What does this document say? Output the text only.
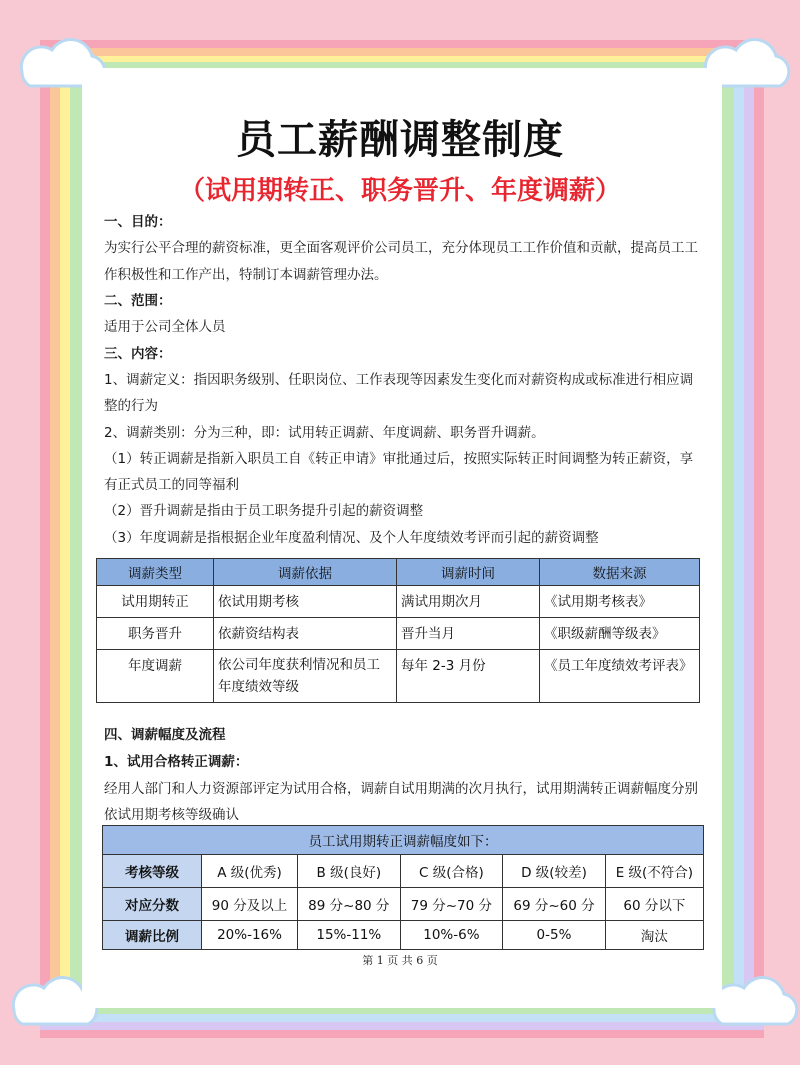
员工薪酬调整制度
（试用期转正、职务晋升、年度调薪）
一、目的：
为实行公平合理的薪资标准，更全面客观评价公司员工，充分体现员工工作价值和贡献，提高员工工
作积极性和工作产出，特制订本调薪管理办法。
二、范围：
适用于公司全体人员
三、内容：
1、调薪定义：指因职务级别、任职岗位、工作表现等因素发生变化而对薪资构成或标准进行相应调
整的行为
2、调薪类别：分为三种，即：试用转正调薪、年度调薪、职务晋升调薪。
（1）转正调薪是指新入职员工自《转正申请》审批通过后，按照实际转正时间调整为转正薪资，享
有正式员工的同等福利
（2）晋升调薪是指由于员工职务提升引起的薪资调整
（3）年度调薪是指根据企业年度盈利情况、及个人年度绩效考评而引起的薪资调整
调薪类型	调薪依据	调薪时间	数据来源
试用期转正	依试用期考核	满试用期次月	《试用期考核表》
职务晋升	依薪资结构表	晋升当月	《职级薪酬等级表》
年度调薪	依公司年度获利情况和员工年度绩效等级	每年 2-3 月份	《员工年度绩效考评表》
四、调薪幅度及流程
1、试用合格转正调薪：
经用人部门和人力资源部评定为试用合格，调薪自试用期满的次月执行，试用期满转正调薪幅度分别
依试用期考核等级确认
员工试用期转正调薪幅度如下：					
考核等级	A 级(优秀)	B 级(良好)	C 级(合格)	D 级(较差)	E 级(不符合)
对应分数	90 分及以上	89 分~80 分	79 分~70 分	69 分~60 分	60 分以下
调薪比例	20%-16%	15%-11%	10%-6%	0-5%	淘汰
第 1 页 共 6 页
